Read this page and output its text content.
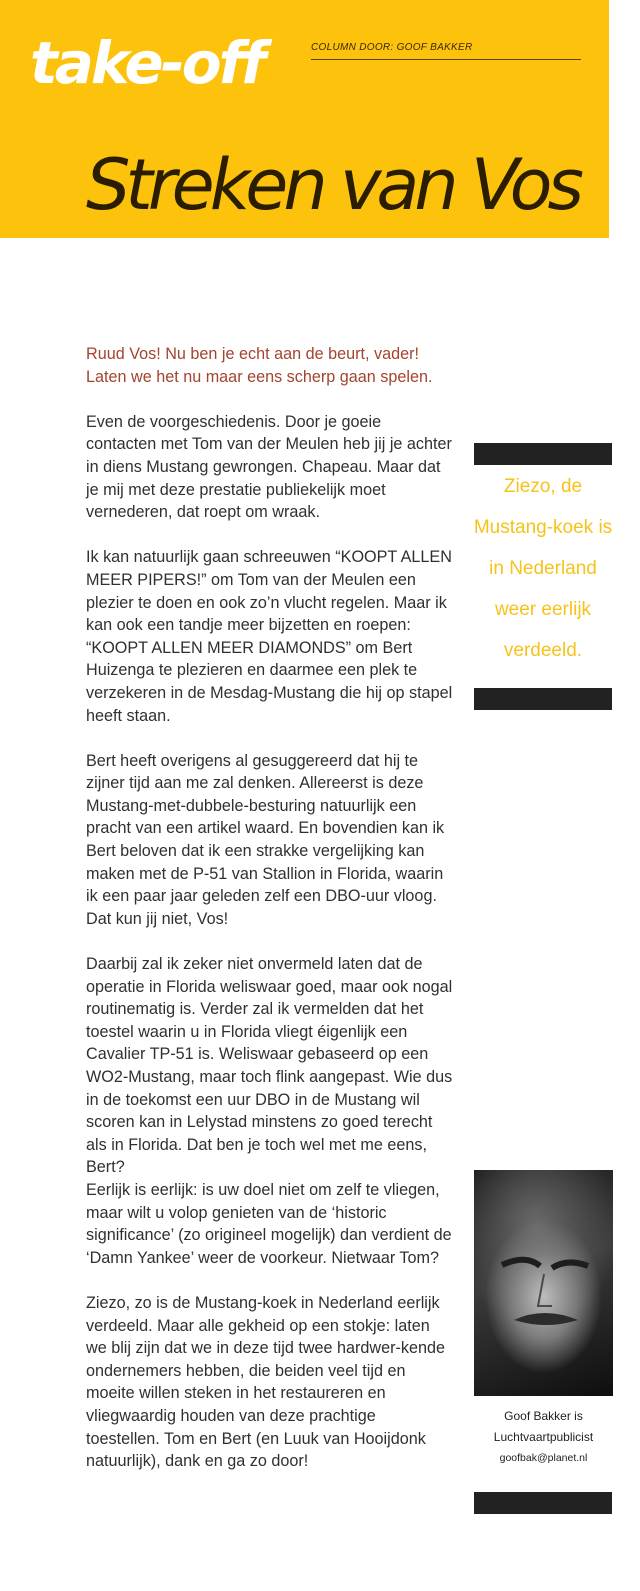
take-off	COLUMN DOOR: GOOF BAKKER
Streken van Vos

Ruud Vos! Nu ben je echt aan de beurt, vader! Laten we het nu maar eens scherp gaan spelen.

Even de voorgeschiedenis. Door je goeie contacten met Tom van der Meulen heb jij je achter in diens Mustang gewrongen. Chapeau. Maar dat je mij met deze prestatie publiekelijk moet vernederen, dat roept om wraak.

Ik kan natuurlijk gaan schreeuwen “KOOPT ALLEN MEER PIPERS!” om Tom van der Meulen een plezier te doen en ook zo’n vlucht regelen. Maar ik kan ook een tandje meer bijzetten en roepen: “KOOPT ALLEN MEER DIAMONDS” om Bert Huizenga te plezieren en daarmee een plek te verzekeren in de Mesdag-Mustang die hij op stapel heeft staan.

Bert heeft overigens al gesuggereerd dat hij te zijner tijd aan me zal denken. Allereerst is deze Mustang-met-dubbele-besturing natuurlijk een pracht van een artikel waard. En bovendien kan ik Bert beloven dat ik een strakke vergelijking kan maken met de P-51 van Stallion in Florida, waarin ik een paar jaar geleden zelf een DBO-uur vloog. Dat kun jij niet, Vos!

Daarbij zal ik zeker niet onvermeld laten dat de operatie in Florida weliswaar goed, maar ook nogal routinematig is. Verder zal ik vermelden dat het toestel waarin u in Florida vliegt éigenlijk een Cavalier TP-51 is. Weliswaar gebaseerd op een WO2-Mustang, maar toch flink aangepast. Wie dus in de toekomst een uur DBO in de Mustang wil scoren kan in Lelystad minstens zo goed terecht als in Florida. Dat ben je toch wel met me eens, Bert?

Eerlijk is eerlijk: is uw doel niet om zelf te vliegen, maar wilt u volop genieten van de ‘historic significance’ (zo origineel mogelijk) dan verdient de ‘Damn Yankee’ weer de voorkeur. Nietwaar Tom?

Ziezo, zo is de Mustang-koek in Nederland eerlijk verdeeld. Maar alle gekheid op een stokje: laten we blij zijn dat we in deze tijd twee hardwer-kende ondernemers hebben, die beiden veel tijd en moeite willen steken in het restaureren en vliegwaardig houden van deze prachtige toestellen. Tom en Bert (en Luuk van Hooijdonk natuurlijk), dank en ga zo door!

Ziezo, de Mustang-koek is in Nederland weer eerlijk verdeeld.
Goof Bakker is
Luchtvaartpublicist
goofbak@planet.nl
